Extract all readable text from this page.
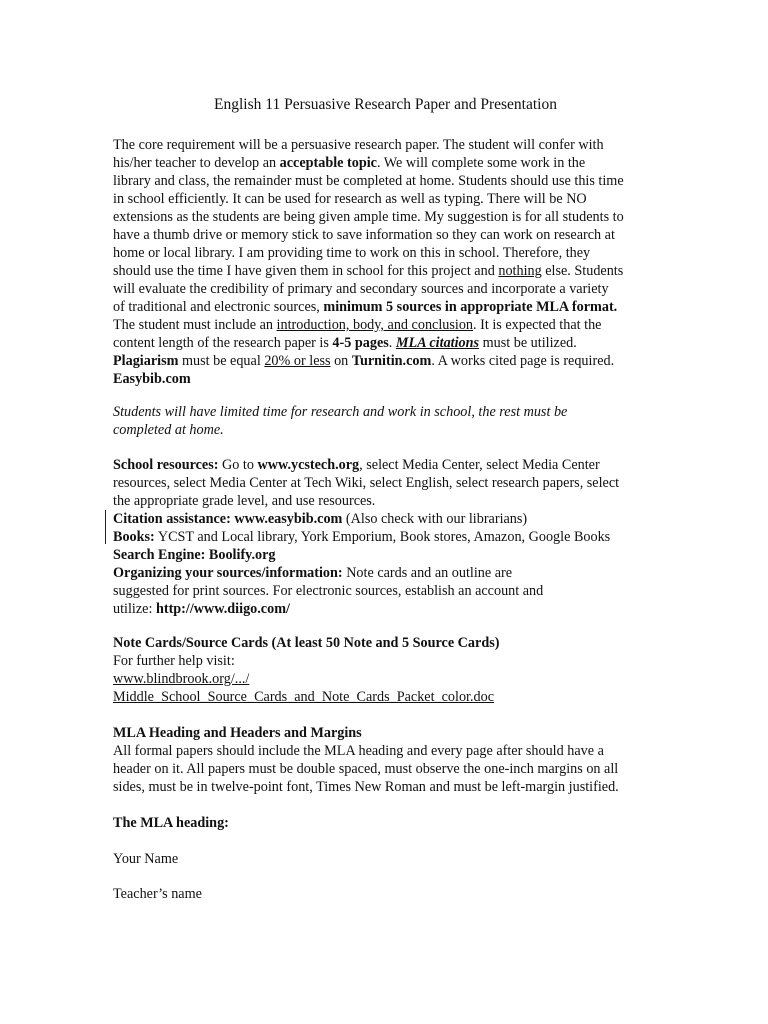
English 11 Persuasive Research Paper and Presentation
The core requirement will be a persuasive research paper. The student will confer with
his/her teacher to develop an acceptable topic. We will complete some work in the
library and class, the remainder must be completed at home. Students should use this time
in school efficiently. It can be used for research as well as typing. There will be NO
extensions as the students are being given ample time. My suggestion is for all students to
have a thumb drive or memory stick to save information so they can work on research at
home or local library. I am providing time to work on this in school. Therefore, they
should use the time I have given them in school for this project and nothing else. Students
will evaluate the credibility of primary and secondary sources and incorporate a variety
of traditional and electronic sources, minimum 5 sources in appropriate MLA format.
The student must include an introduction, body, and conclusion. It is expected that the
content length of the research paper is 4-5 pages. MLA citations must be utilized.
Plagiarism must be equal 20% or less on Turnitin.com. A works cited page is required.
Easybib.com
Students will have limited time for research and work in school, the rest must be
completed at home.
School resources: Go to www.ycstech.org, select Media Center, select Media Center
resources, select Media Center at Tech Wiki, select English, select research papers, select
the appropriate grade level, and use resources.
Citation assistance: www.easybib.com (Also check with our librarians)
Books: YCST and Local library, York Emporium, Book stores, Amazon, Google Books
Search Engine: Boolify.org
Organizing your sources/information: Note cards and an outline are
suggested for print sources. For electronic sources, establish an account and
utilize: http://www.diigo.com/
Note Cards/Source Cards (At least 50 Note and 5 Source Cards)
For further help visit:
www.blindbrook.org/.../
Middle_School_Source_Cards_and_Note_Cards_Packet_color.doc
MLA Heading and Headers and Margins
All formal papers should include the MLA heading and every page after should have a
header on it. All papers must be double spaced, must observe the one-inch margins on all
sides, must be in twelve-point font, Times New Roman and must be left-margin justified.
The MLA heading:
Your Name
Teacher’s name
